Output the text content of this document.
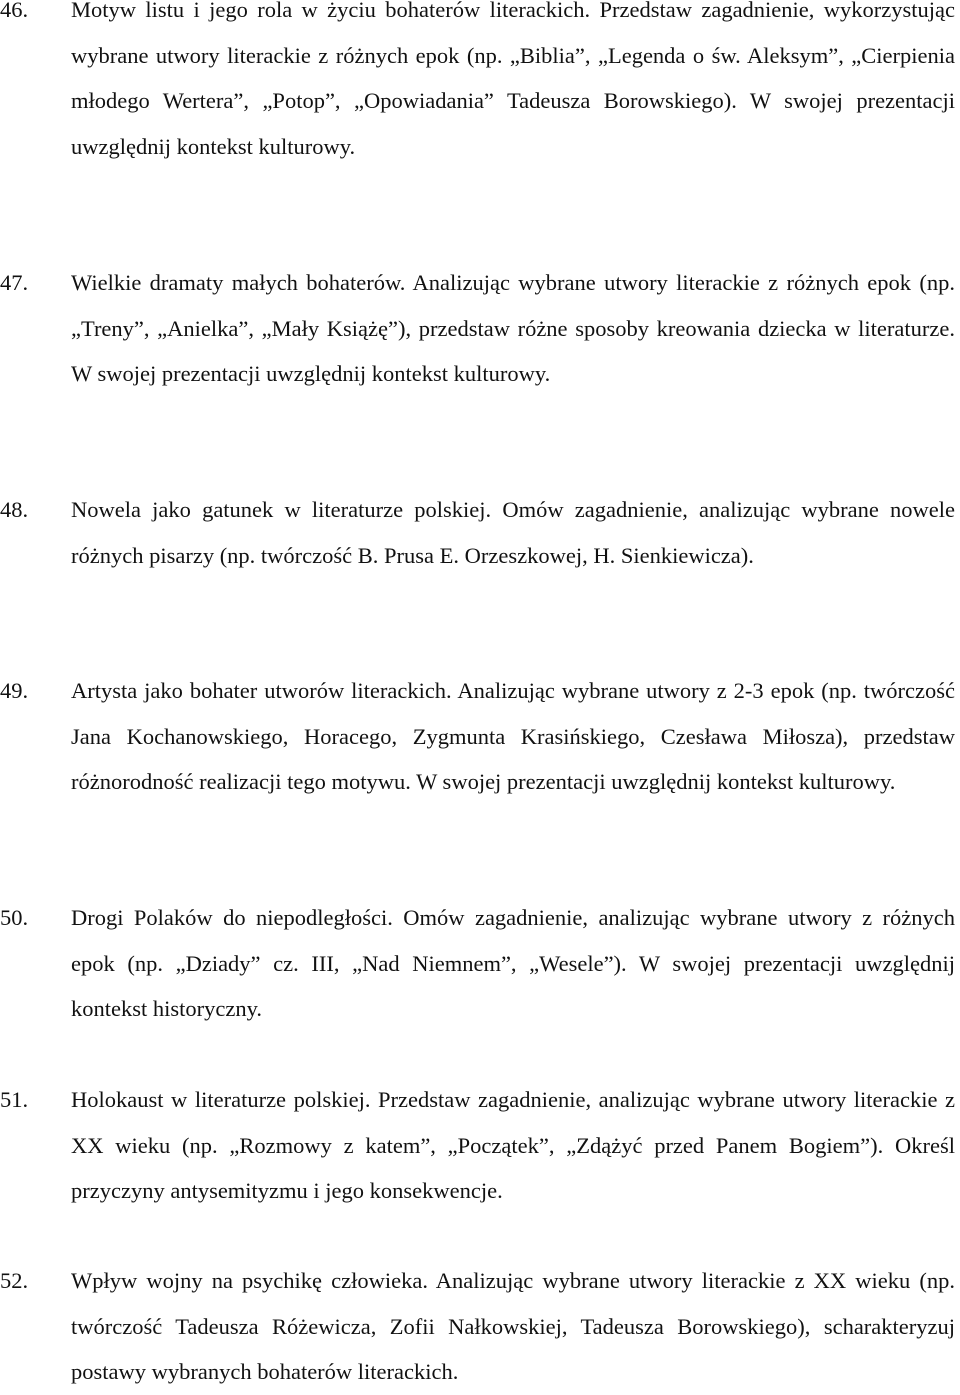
46. Motyw listu i jego rola w życiu bohaterów literackich. Przedstaw zagadnienie, wykorzystując wybrane utwory literackie z różnych epok (np. „Biblia”, „Legenda o św. Aleksym”, „Cierpienia młodego Wertera”, „Potop”, „Opowiadania” Tadeusza Borowskiego). W swojej prezentacji uwzględnij kontekst kulturowy.
47. Wielkie dramaty małych bohaterów. Analizując wybrane utwory literackie z różnych epok (np. „Treny”, „Anielka”, „Mały Książę”), przedstaw różne sposoby kreowania dziecka w literaturze. W swojej prezentacji uwzględnij kontekst kulturowy.
48. Nowela jako gatunek w literaturze polskiej. Omów zagadnienie, analizując wybrane nowele różnych pisarzy (np. twórczość B. Prusa E. Orzeszkowej, H. Sienkiewicza).
49. Artysta jako bohater utworów literackich. Analizując wybrane utwory z 2-3 epok (np. twórczość Jana Kochanowskiego, Horacego, Zygmunta Krasińskiego, Czesława Miłosza), przedstaw różnorodność realizacji tego motywu. W swojej prezentacji uwzględnij kontekst kulturowy.
50. Drogi Polaków do niepodległości. Omów zagadnienie, analizując wybrane utwory z różnych epok (np. „Dziady” cz. III, „Nad Niemnem”, „Wesele”). W swojej prezentacji uwzględnij kontekst historyczny.
51. Holokaust w literaturze polskiej. Przedstaw zagadnienie, analizując wybrane utwory literackie z XX wieku (np. „Rozmowy z katem”, „Początek”, „Zdążyć przed Panem Bogiem”). Określ przyczyny antysemityzmu i jego konsekwencje.
52. Wpływ wojny na psychikę człowieka. Analizując wybrane utwory literackie z XX wieku (np. twórczość Tadeusza Różewicza, Zofii Nałkowskiej, Tadeusza Borowskiego), scharakteryzuj postawy wybranych bohaterów literackich.
